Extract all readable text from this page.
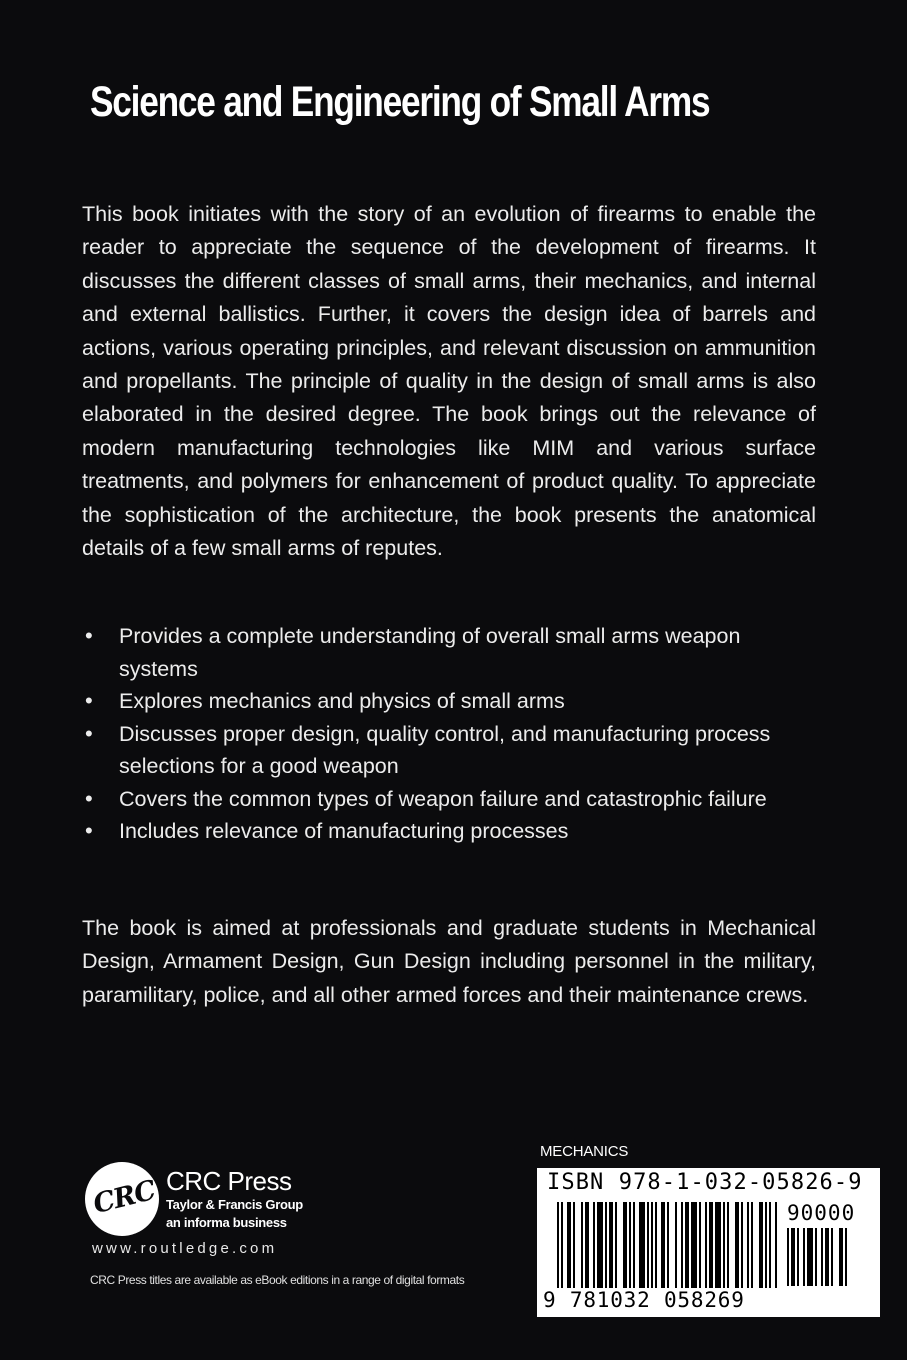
Science and Engineering of Small Arms

This book initiates with the story of an evolution of firearms to enable the reader to appreciate the sequence of the development of firearms. It discusses the different classes of small arms, their mechanics, and internal and external ballistics. Further, it covers the design idea of barrels and actions, various operating principles, and relevant discussion on ammunition and propellants. The principle of quality in the design of small arms is also elaborated in the desired degree. The book brings out the relevance of modern manufacturing technologies like MIM and various surface treatments, and polymers for enhancement of product quality. To appreciate the sophistication of the architecture, the book presents the anatomical details of a few small arms of reputes.

• Provides a complete understanding of overall small arms weapon systems
• Explores mechanics and physics of small arms
• Discusses proper design, quality control, and manufacturing process selections for a good weapon
• Covers the common types of weapon failure and catastrophic failure
• Includes relevance of manufacturing processes

The book is aimed at professionals and graduate students in Mechanical Design, Armament Design, Gun Design including personnel in the military, paramilitary, police, and all other armed forces and their maintenance crews.

CRC CRC Press
Taylor & Francis Group
an informa business
www.routledge.com
CRC Press titles are available as eBook editions in a range of digital formats
MECHANICS
ISBN 978-1-032-05826-9
90000
9 781032 058269
